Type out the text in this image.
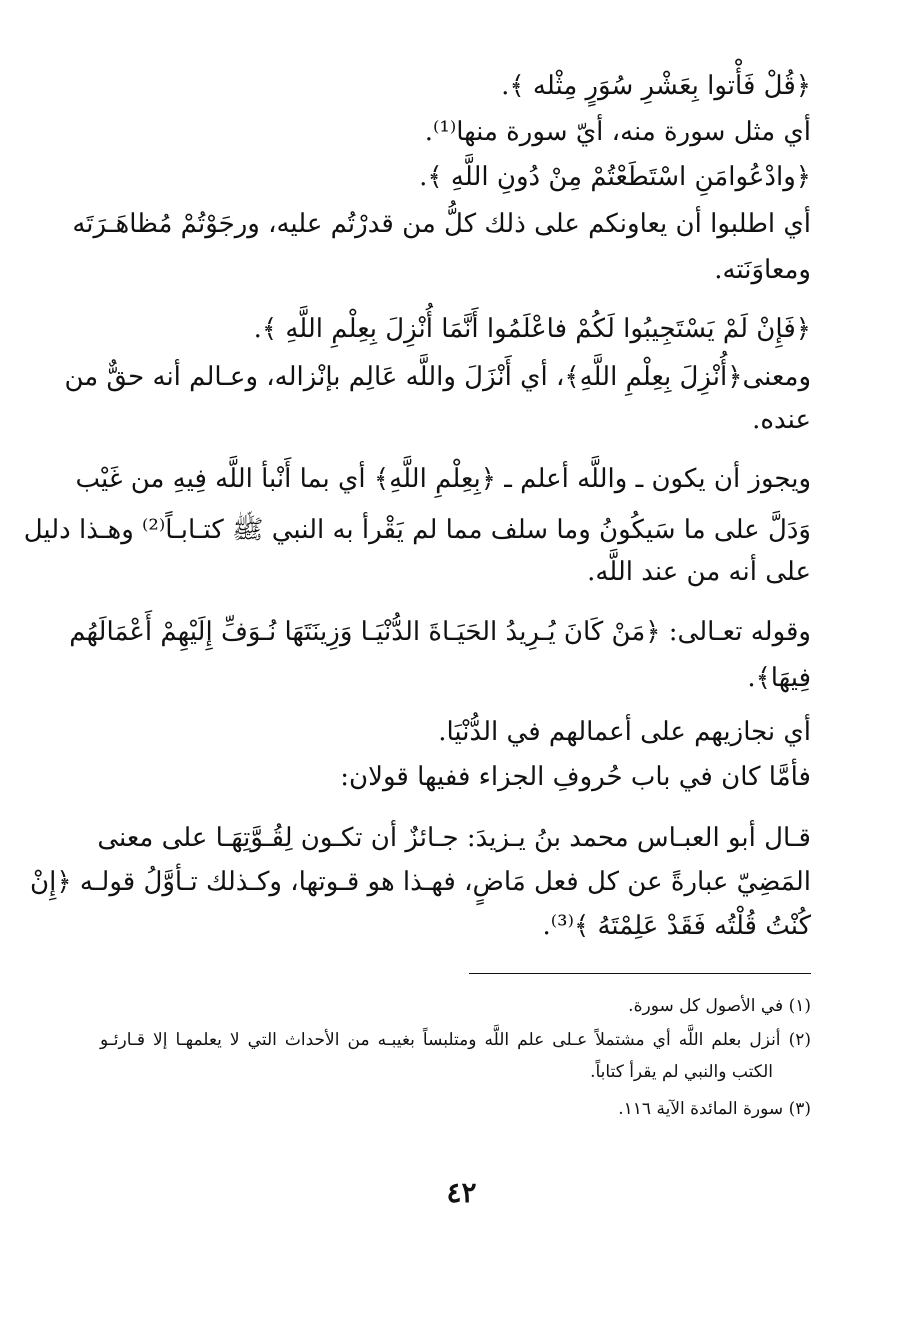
﴿قُلْ فَأْتوا بِعَشْرِ سُوَرٍ مِثْله ﴾.
أي مثل سورة منه، أيّ سورة منها⁽¹⁾.
﴿وادْعُوامَنِ اسْتَطَعْتُمْ مِنْ دُونِ اللَّهِ ﴾.
أي اطلبوا أن يعاونكم على ذلك كلُّ من قدرْتُم عليه، ورجَوْتُمْ مُظاهَـرَتَه
ومعاوَنَته.
﴿فَإِنْ لَمْ يَسْتَجِيبُوا لَكُمْ فاعْلَمُوا أَنَّمَا أُنْزِلَ بِعِلْمِ اللَّهِ ﴾.
ومعنى﴿أُنْزِلَ بِعِلْمِ اللَّهِ﴾، أي أَنْزَلَ واللَّه عَالِم بإنْزاله، وعـالم أنه حقٌّ من
عنده.
ويجوز أن يكون ـ واللَّه أعلم ـ ﴿بِعِلْمِ اللَّهِ﴾ أي بما أَنْبأ اللَّه فِيهِ من غَيْب
وَدَلَّ على ما سَيكُونُ وما سلف مما لم يَقْرأ به النبي ﷺ كتـابـاً⁽²⁾ وهـذا دليل
على أنه من عند اللَّه.
وقوله تعـالى: ﴿مَنْ كَانَ يُـرِيدُ الحَيَـاةَ الدُّنْيَـا وَزِينَتَهَا نُـوَفِّ إِلَيْهِمْ أَعْمَالَهُم
فِيهَا﴾.
أي نجازيهم على أعمالهم في الدُّنْيَا.
فأمَّا كان في باب حُروفِ الجزاء ففيها قولان:
قـال أبو العبـاس محمد بنُ يـزيدَ: جـائزٌ أن تكـون لِقُـوَّتِهَـا على معنى
المَضِيّ عبارةً عن كل فعل مَاضٍ، فهـذا هو قـوتها، وكـذلك تـأوَّلُ قولـه ﴿إِنْ
كُنْتُ قُلْتُه فَقَدْ عَلِمْتَهُ ﴾⁽³⁾.
(١) في الأصول كل سورة.
(٢) أنزل بعلم اللَّه أي مشتملاً عـلى علم اللَّه ومتلبساً بغيبـه من الأحداث التي لا يعلمهـا إلا قـارئـو
الكتب والنبي لم يقرأ كتاباً.
(٣) سورة المائدة الآية ١١٦.
٤٢
